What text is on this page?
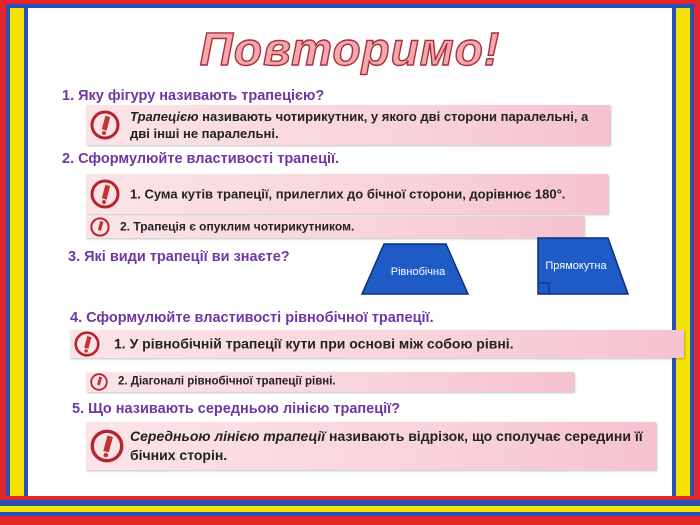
Повторимо!
1. Яку фігуру називають трапецією?
Трапецією називають чотирикутник, у якого дві сторони паралельні, а дві інші не паралельні.
2. Сформулюйте властивості трапеції.
1. Сума кутів трапеції, прилеглих до бічної сторони, дорівнює 180°.
2. Трапеція є опуклим чотирикутником.
3. Які види трапеції ви знаєте?
Рівнобічна	Прямокутна
4. Сформулюйте властивості рівнобічної трапеції.
1. У рівнобічній трапеції кути при основі між собою рівні.
2. Діагоналі рівнобічної трапеції рівні.
5. Що називають середньою лінією трапеції?
Середньою лінією трапеції називають відрізок, що сполучає середини її бічних сторін.
